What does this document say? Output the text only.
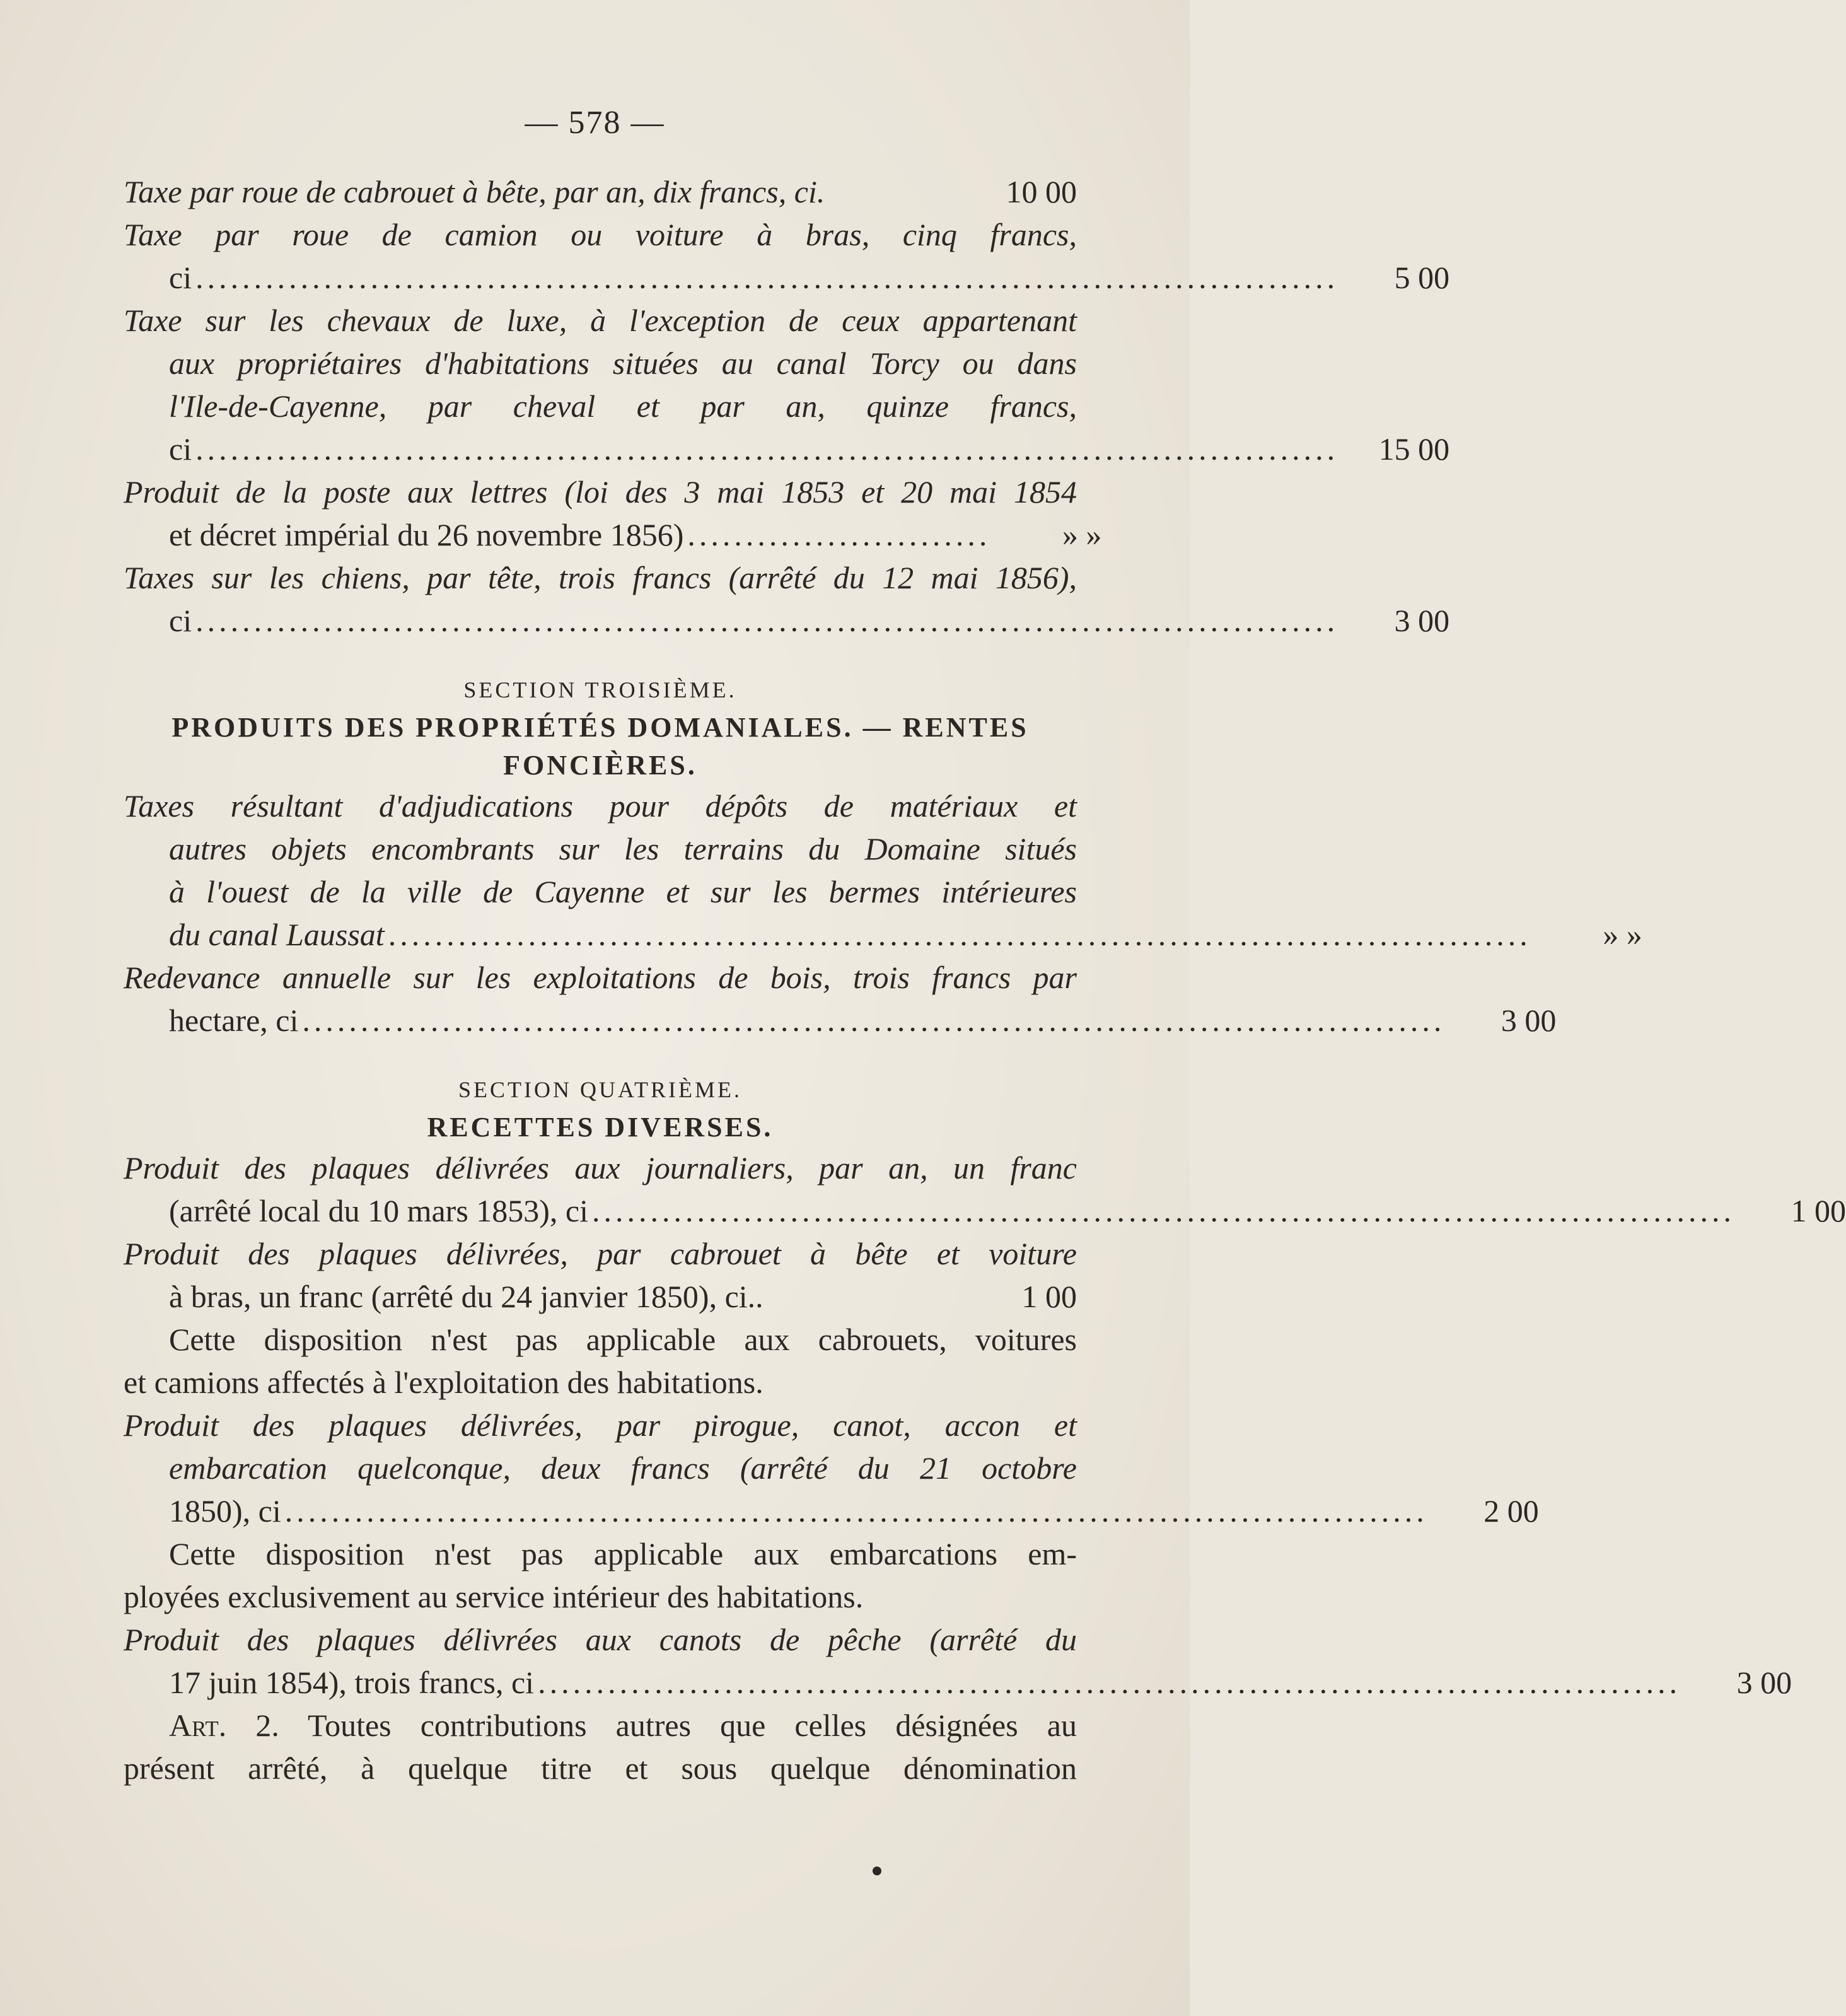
— 578 —
Taxe par roue de cabrouet à bête, par an, dix francs, ci.	10 00
Taxe par roue de camion ou voiture à bras, cinq francs,
ci ..................................................................................................	5 00
Taxe sur les chevaux de luxe, à l'exception de ceux appartenant
aux propriétaires d'habitations situées au canal Torcy ou dans
l'Ile-de-Cayenne, par cheval et par an, quinze francs,
ci ..................................................................................................	15 00
Produit de la poste aux lettres (loi des 3 mai 1853 et 20 mai 1854
et décret impérial du 26 novembre 1856) ..........................	» »
Taxes sur les chiens, par tête, trois francs (arrêté du 12 mai 1856),
ci ..................................................................................................	3 00
SECTION TROISIÈME.
PRODUITS DES PROPRIÉTÉS DOMANIALES. — RENTES
FONCIÈRES.
Taxes résultant d'adjudications pour dépôts de matériaux et
autres objets encombrants sur les terrains du Domaine situés
à l'ouest de la ville de Cayenne et sur les bermes intérieures
du canal Laussat ..................................................................................................	» »
Redevance annuelle sur les exploitations de bois, trois francs par
hectare, ci ..................................................................................................	3 00
SECTION QUATRIÈME.
RECETTES DIVERSES.
Produit des plaques délivrées aux journaliers, par an, un franc
(arrêté local du 10 mars 1853), ci ..................................................................................................	1 00
Produit des plaques délivrées, par cabrouet à bête et voiture
à bras, un franc (arrêté du 24 janvier 1850), ci..	1 00
Cette disposition n'est pas applicable aux cabrouets, voitures
et camions affectés à l'exploitation des habitations.
Produit des plaques délivrées, par pirogue, canot, accon et
embarcation quelconque, deux francs (arrêté du 21 octobre
1850), ci ..................................................................................................	2 00
Cette disposition n'est pas applicable aux embarcations em-
ployées exclusivement au service intérieur des habitations.
Produit des plaques délivrées aux canots de pêche (arrêté du
17 juin 1854), trois francs, ci ..................................................................................................	3 00
Art. 2. Toutes contributions autres que celles désignées au
présent arrêté, à quelque titre et sous quelque dénomination
